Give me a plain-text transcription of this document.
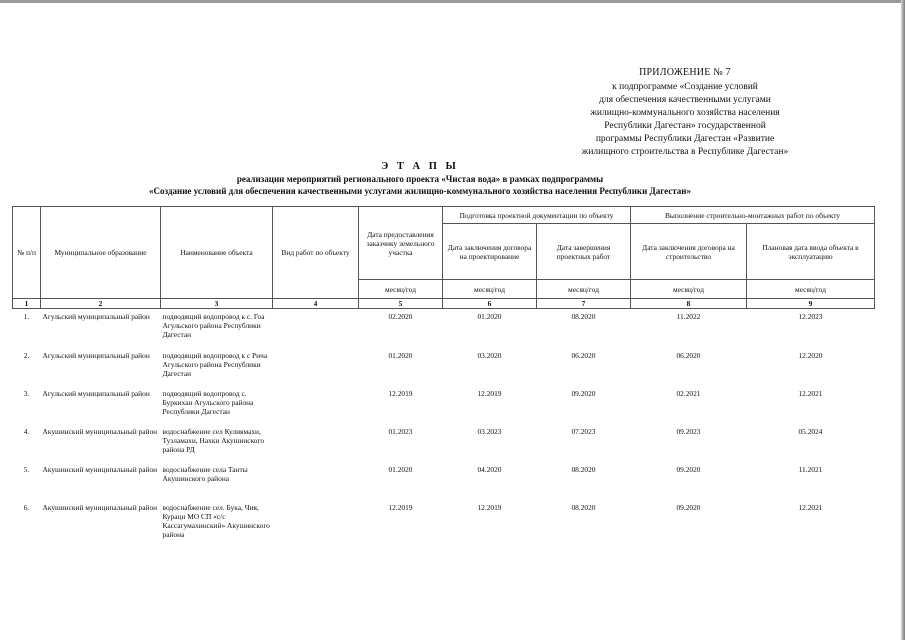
ПРИЛОЖЕНИЕ № 7
к подпрограмме «Создание условий
для обеспечения качественными услугами
жилищно-коммунального хозяйства населения
Республики Дагестан» государственной
программы Республики Дагестан «Развитие
жилищного строительства в Республике Дагестан»
Э Т А П Ы
реализации мероприятий регионального проекта «Чистая вода» в рамках подпрограммы
«Создание условий для обеспечения качественными услугами жилищно-коммунального хозяйства населения Республики Дагестан»
№ п/п	Муниципальное образование	Наименование объекта	Вид работ по объекту	Дата предоставления заказчику земельного участка	Подготовка проектной документации по объекту		Выполнение строительно-монтажных работ по объекту	
					Дата заключения договора на проектирование	Дата завершения проектных работ	Дата заключения договора на строительство	Плановая дата ввода объекта в эксплуатацию
				месяц/год	месяц/год	месяц/год	месяц/год	месяц/год
1	2	3	4	5	6	7	8	9
1.	Агульский муниципальный район	подводящий водопровод к с. Гоа Агульского района Республики Дагестан		02.2020	01.2020	08.2020	11.2022	12.2023
2.	Агульский муниципальный район	подводящий водопровод к с Рича Агульского района Республики Дагестан		01.2020	03.2020	06.2020	06.2020	12.2020
3.	Агульский муниципальный район	подводящий водопровод с. Буркихан Агульского района Республики Дагестан		12.2019	12.2019	09.2020	02.2021	12.2021
4.	Акушинский муниципальный район	водоснабжение сел Кулиямахи, Тузламахи, Нахки Акушинского района РД		01.2023	03.2023	07.2023	09.2023	05.2024
5.	Акушинский муниципальный район	водоснабжение села Танты Акушинского района		01.2020	04.2020	08.2020	09.2020	11.2021
6.	Акушинский муниципальный район	водоснабжение сел. Бука, Чия, Курацн МО СП «с/с Кассагумахинский» Акушинского района		12.2019	12.2019	08.2020	09.2020	12.2021
